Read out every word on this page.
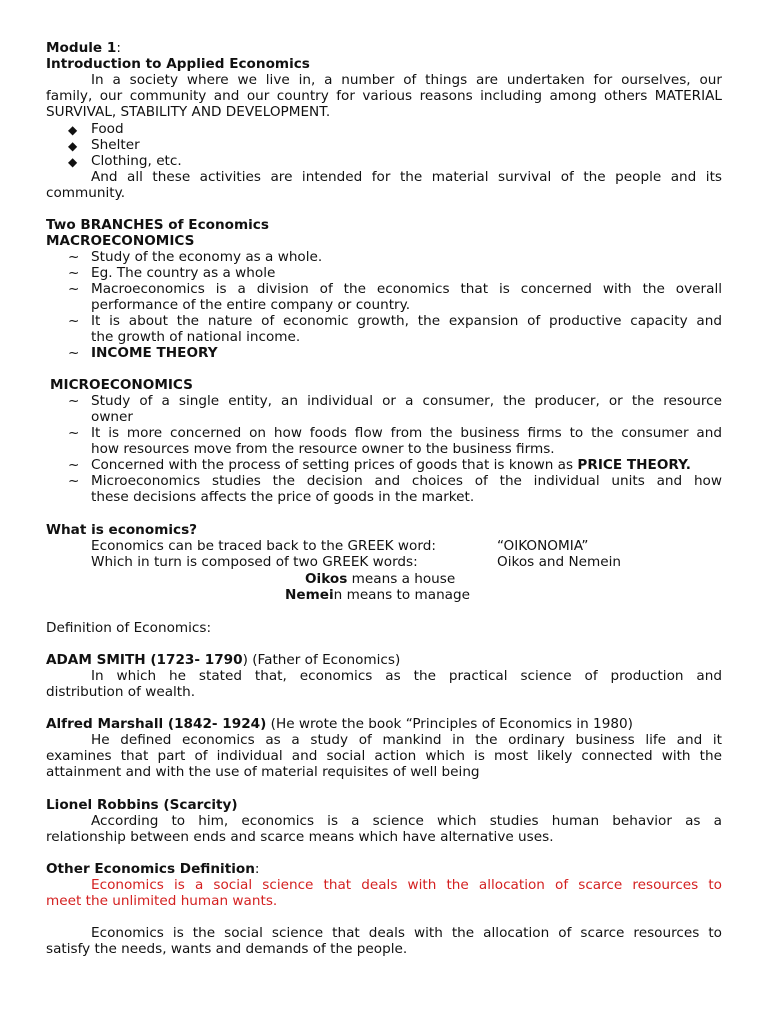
Module 1:
Introduction to Applied Economics
In a society where we live in, a number of things are undertaken for ourselves, our
family, our community and our country for various reasons including among others MATERIAL
SURVIVAL, STABILITY AND DEVELOPMENT.
◆ Food
◆ Shelter
◆ Clothing, etc.
And all these activities are intended for the material survival of the people and its
community.
Two BRANCHES of Economics
MACROECONOMICS
~ Study of the economy as a whole.
~ Eg. The country as a whole
~ Macroeconomics is a division of the economics that is concerned with the overall
performance of the entire company or country.
~ It is about the nature of economic growth, the expansion of productive capacity and
the growth of national income.
~ INCOME THEORY
MICROECONOMICS
~ Study of a single entity, an individual or a consumer, the producer, or the resource
owner
~ It is more concerned on how foods flow from the business firms to the consumer and
how resources move from the resource owner to the business firms.
~ Concerned with the process of setting prices of goods that is known as PRICE THEORY.
~ Microeconomics studies the decision and choices of the individual units and how
these decisions affects the price of goods in the market.
What is economics?
Economics can be traced back to the GREEK word:	“OIKONOMIA”
Which in turn is composed of two GREEK words:	Oikos and Nemein
Oikos means a house
Nemein means to manage
Definition of Economics:
ADAM SMITH (1723- 1790) (Father of Economics)
In which he stated that, economics as the practical science of production and
distribution of wealth.
Alfred Marshall (1842- 1924) (He wrote the book “Principles of Economics in 1980)
He defined economics as a study of mankind in the ordinary business life and it
examines that part of individual and social action which is most likely connected with the
attainment and with the use of material requisites of well being
Lionel Robbins (Scarcity)
According to him, economics is a science which studies human behavior as a
relationship between ends and scarce means which have alternative uses.
Other Economics Definition:
Economics is a social science that deals with the allocation of scarce resources to
meet the unlimited human wants.
Economics is the social science that deals with the allocation of scarce resources to
satisfy the needs, wants and demands of the people.
